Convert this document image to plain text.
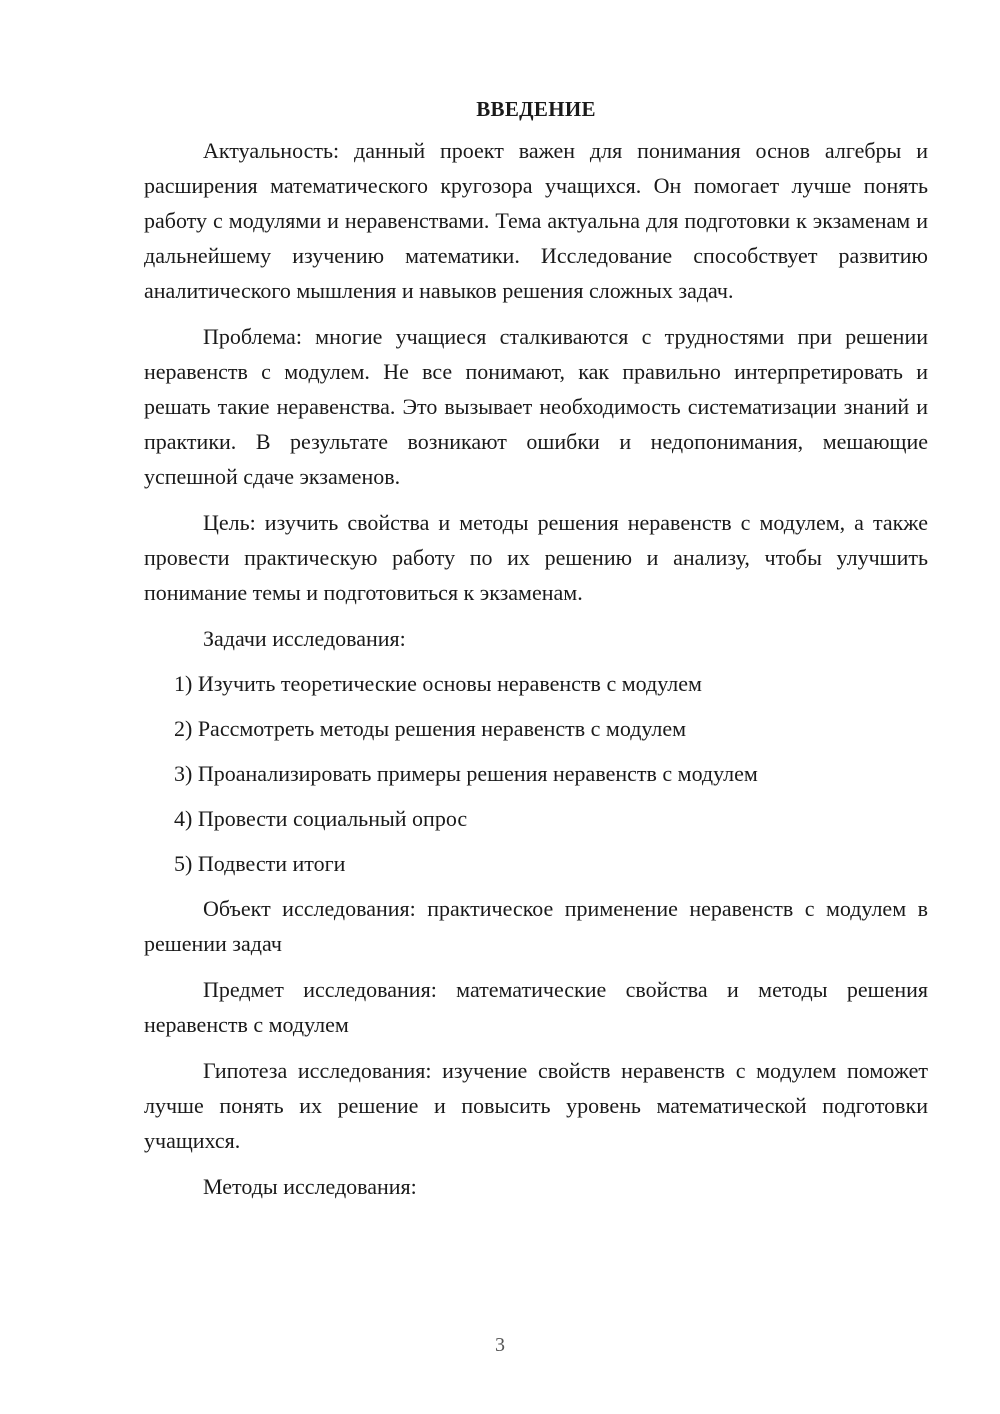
ВВЕДЕНИЕ

Актуальность: данный проект важен для понимания основ алгебры и расширения математического кругозора учащихся. Он помогает лучше понять работу с модулями и неравенствами. Тема актуальна для подготовки к экзаменам и дальнейшему изучению математики. Исследование способствует развитию аналитического мышления и навыков решения сложных задач.

Проблема: многие учащиеся сталкиваются с трудностями при решении неравенств с модулем. Не все понимают, как правильно интерпретировать и решать такие неравенства. Это вызывает необходимость систематизации знаний и практики. В результате возникают ошибки и недопонимания, мешающие успешной сдаче экзаменов.

Цель: изучить свойства и методы решения неравенств с модулем, а также провести практическую работу по их решению и анализу, чтобы улучшить понимание темы и подготовиться к экзаменам.

Задачи исследования:

1) Изучить теоретические основы неравенств с модулем
2) Рассмотреть методы решения неравенств с модулем
3) Проанализировать примеры решения неравенств с модулем
4) Провести социальный опрос
5) Подвести итоги

Объект исследования: практическое применение неравенств с модулем в решении задач

Предмет исследования: математические свойства и методы решения неравенств с модулем

Гипотеза исследования: изучение свойств неравенств с модулем поможет лучше понять их решение и повысить уровень математической подготовки учащихся.

Методы исследования:

3
